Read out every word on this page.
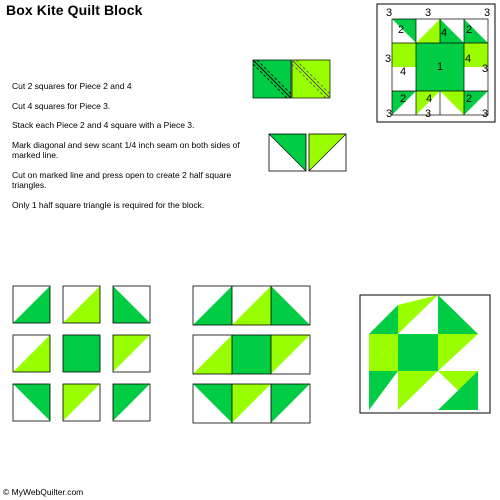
Box Kite Quilt Block
Cut 2 squares for Piece 2 and 4
Cut 4 squares for Piece 3.
Stack each Piece 2 and 4 square with a Piece 3.
Mark diagonal and sew scant 1/4 inch seam on both sides of marked line.
Cut on marked line and press open to create 2 half square triangles.
Only 1 half square triangle is required for the block.
3	3	3
2	4 2
3
4	1
4
3
2 4	2
3	3	3
© MyWebQuilter.com
